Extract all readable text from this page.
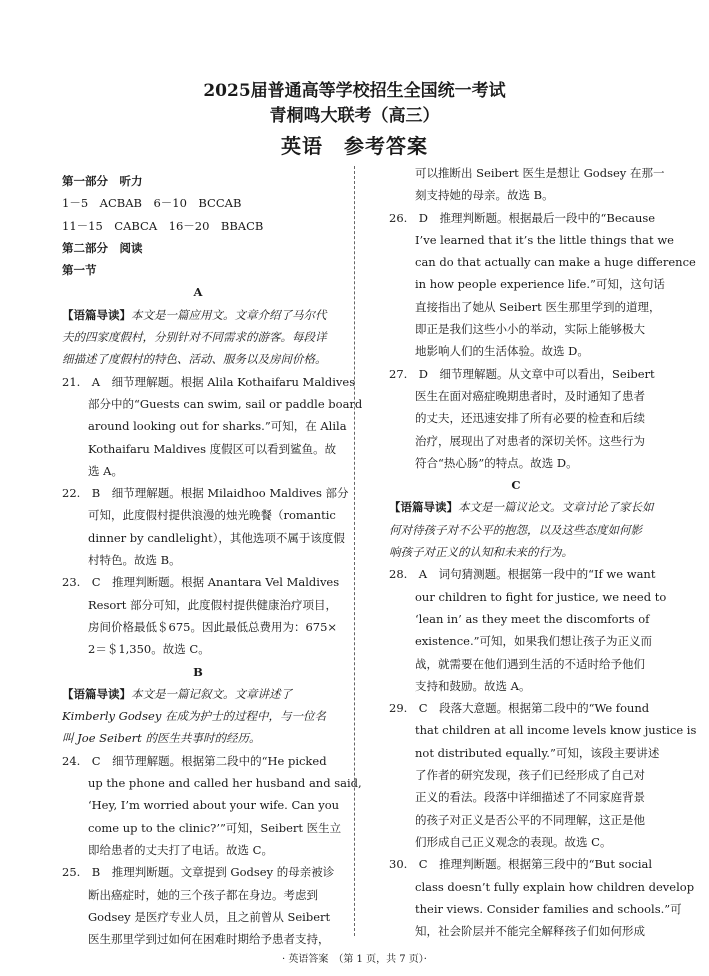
2025届普通高等学校招生全国统一考试
青桐鸣大联考（高三）
英语　参考答案
第一部分　听力
1－5　ACBAB　6－10　BCCAB
11－15　CABCA　16－20　BBACB
第二部分　阅读
第一节
A
【语篇导读】本文是一篇应用文。文章介绍了马尔代
夫的四家度假村，分别针对不同需求的游客。每段详
细描述了度假村的特色、活动、服务以及房间价格。
21.　A　细节理解题。根据 Alila Kothaifaru Maldives
部分中的“Guests can swim, sail or paddle board
around looking out for sharks.”可知，在 Alila
Kothaifaru Maldives 度假区可以看到鲨鱼。故
选 A。
22.　B　细节理解题。根据 Milaidhoo Maldives 部分
可知，此度假村提供浪漫的烛光晚餐（romantic
dinner by candlelight），其他选项不属于该度假
村特色。故选 B。
23.　C　推理判断题。根据 Anantara Vel Maldives
Resort 部分可知，此度假村提供健康治疗项目，
房间价格最低＄675。因此最低总费用为：675×
2＝＄1,350。故选 C。
B
【语篇导读】本文是一篇记叙文。文章讲述了
Kimberly Godsey 在成为护士的过程中，与一位名
叫 Joe Seibert 的医生共事时的经历。
24.　C　细节理解题。根据第二段中的“He picked
up the phone and called her husband and said,
‘Hey, I’m worried about your wife. Can you
come up to the clinic?’”可知，Seibert 医生立
即给患者的丈夫打了电话。故选 C。
25.　B　推理判断题。文章提到 Godsey 的母亲被诊
断出癌症时，她的三个孩子都在身边。考虑到
Godsey 是医疗专业人员，且之前曾从 Seibert
医生那里学到过如何在困难时期给予患者支持，
可以推断出 Seibert 医生是想让 Godsey 在那一
刻支持她的母亲。故选 B。
26.　D　推理判断题。根据最后一段中的“Because
I’ve learned that it’s the little things that we
can do that actually can make a huge difference
in how people experience life.”可知，这句话
直接指出了她从 Seibert 医生那里学到的道理，
即正是我们这些小小的举动，实际上能够极大
地影响人们的生活体验。故选 D。
27.　D　细节理解题。从文章中可以看出，Seibert
医生在面对癌症晚期患者时，及时通知了患者
的丈夫，还迅速安排了所有必要的检查和后续
治疗，展现出了对患者的深切关怀。这些行为
符合“热心肠”的特点。故选 D。
C
【语篇导读】本文是一篇议论文。文章讨论了家长如
何对待孩子对不公平的抱怨，以及这些态度如何影
响孩子对正义的认知和未来的行为。
28.　A　词句猜测题。根据第一段中的“If we want
our children to fight for justice, we need to
‘lean in’ as they meet the discomforts of
existence.”可知，如果我们想让孩子为正义而
战，就需要在他们遇到生活的不适时给予他们
支持和鼓励。故选 A。
29.　C　段落大意题。根据第二段中的“We found
that children at all income levels know justice is
not distributed equally.”可知，该段主要讲述
了作者的研究发现，孩子们已经形成了自己对
正义的看法。段落中详细描述了不同家庭背景
的孩子对正义是否公平的不同理解，这正是他
们形成自己正义观念的表现。故选 C。
30.　C　推理判断题。根据第三段中的“But social
class doesn’t fully explain how children develop
their views. Consider families and schools.”可
知，社会阶层并不能完全解释孩子们如何形成
· 英语答案　（第 1 页，共 7 页）·
